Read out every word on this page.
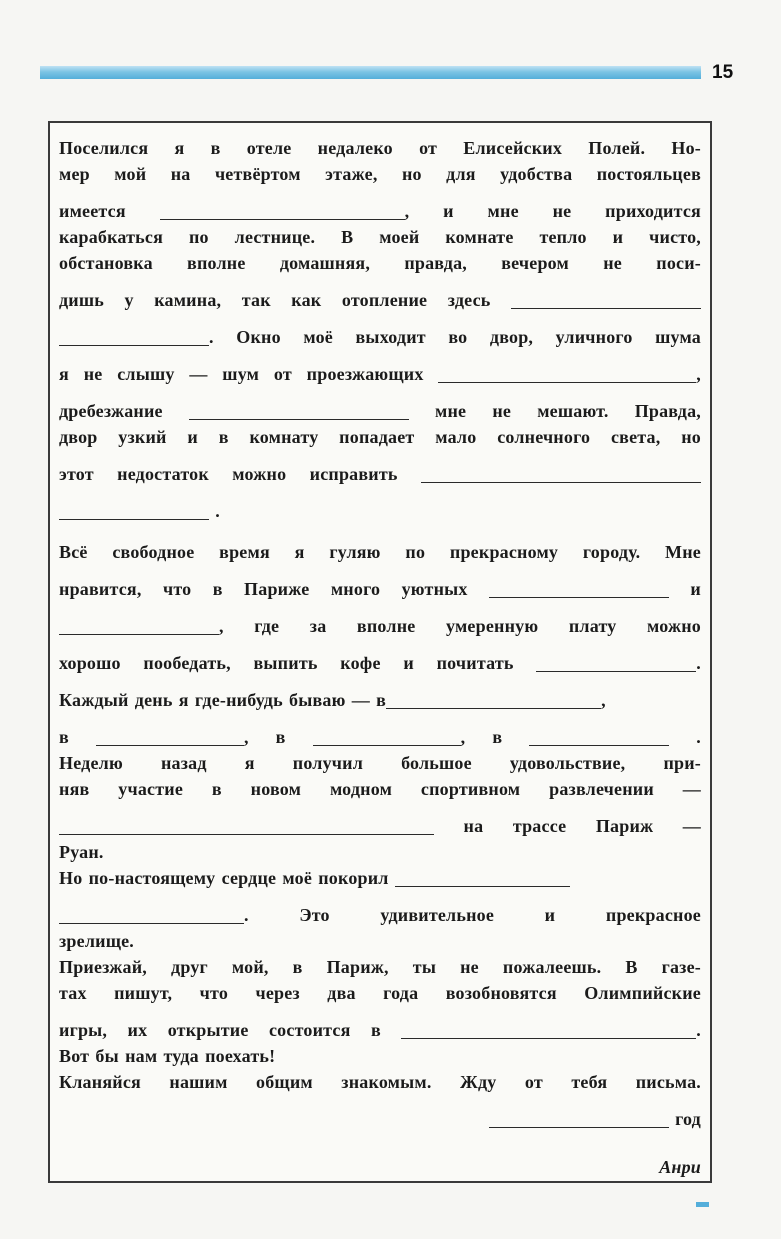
15
Поселился я в отеле недалеко от Елисейских Полей. Но-
мер мой на четвёртом этаже, но для удобства постояльцев
имеется	, и мне не приходится
карабкаться по лестнице. В моей комнате тепло и чисто,
обстановка вполне домашняя, правда, вечером не поси-
дишь у камина, так как отопление здесь
. Окно моё выходит во двор, уличного шума
я не слышу — шум от проезжающих	,
дребезжание	мне не мешают. Правда,
двор узкий и в комнату попадает мало солнечного света, но
этот недостаток можно исправить
.
Всё свободное время я гуляю по прекрасному городу. Мне
нравится, что в Париже много уютных	и
, где за вполне умеренную плату можно
хорошо пообедать, выпить кофе и почитать	.
Каждый день я где-нибудь бываю — в	,
в	, в	, в	.
Неделю назад я получил большое удовольствие, при-
няв участие в новом модном спортивном развлечении —
на трассе Париж —
Руан.
Но по-настоящему сердце моё покорил
. Это удивительное и прекрасное
зрелище.
Приезжай, друг мой, в Париж, ты не пожалеешь. В газе-
тах пишут, что через два года возобновятся Олимпийские
игры, их открытие состоится в	.
Вот бы нам туда поехать!
Кланяйся нашим общим знакомым. Жду от тебя письма.
год
Анри
